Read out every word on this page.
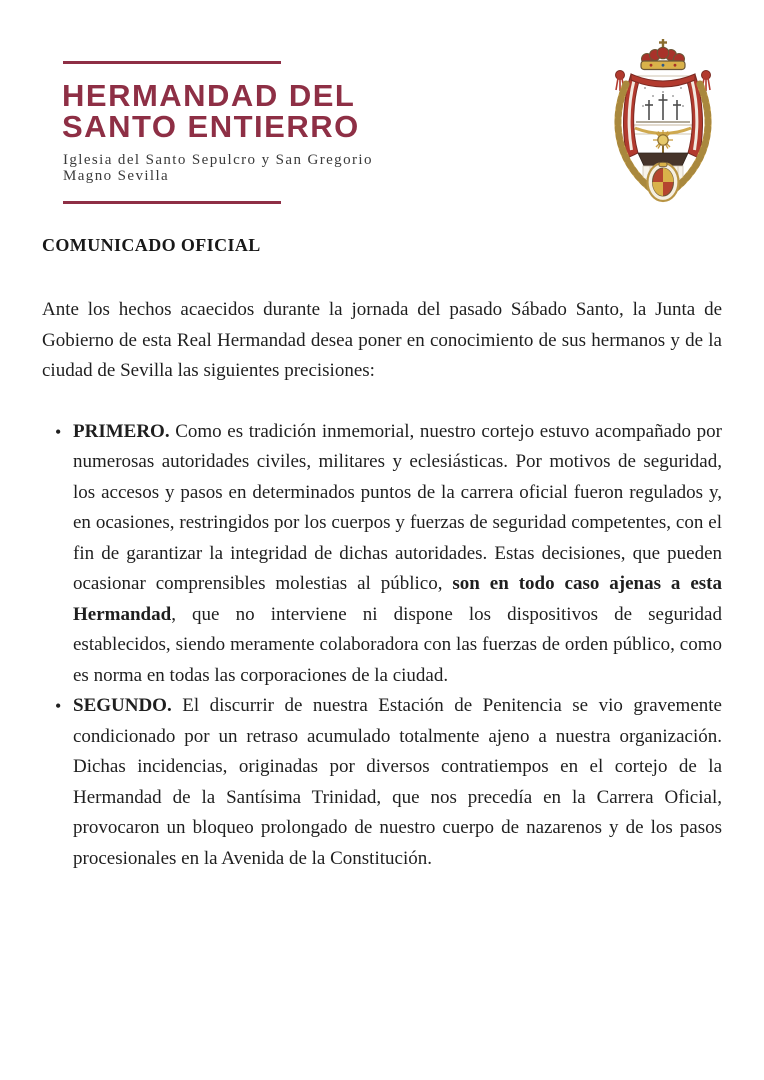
HERMANDAD DEL
SANTO ENTIERRO
Iglesia del Santo Sepulcro y San Gregorio
Magno Sevilla
COMUNICADO OFICIAL

Ante los hechos acaecidos durante la jornada del pasado Sábado Santo, la Junta de Gobierno de esta Real Hermandad desea poner en conocimiento de sus hermanos y de la ciudad de Sevilla las siguientes precisiones:

• PRIMERO. Como es tradición inmemorial, nuestro cortejo estuvo acompañado por numerosas autoridades civiles, militares y eclesiásticas. Por motivos de seguridad, los accesos y pasos en determinados puntos de la carrera oficial fueron regulados y, en ocasiones, restringidos por los cuerpos y fuerzas de seguridad competentes, con el fin de garantizar la integridad de dichas autoridades. Estas decisiones, que pueden ocasionar comprensibles molestias al público, son en todo caso ajenas a esta Hermandad, que no interviene ni dispone los dispositivos de seguridad establecidos, siendo meramente colaboradora con las fuerzas de orden público, como es norma en todas las corporaciones de la ciudad.
• SEGUNDO. El discurrir de nuestra Estación de Penitencia se vio gravemente condicionado por un retraso acumulado totalmente ajeno a nuestra organización. Dichas incidencias, originadas por diversos contratiempos en el cortejo de la Hermandad de la Santísima Trinidad, que nos precedía en la Carrera Oficial, provocaron un bloqueo prolongado de nuestro cuerpo de nazarenos y de los pasos procesionales en la Avenida de la Constitución.
